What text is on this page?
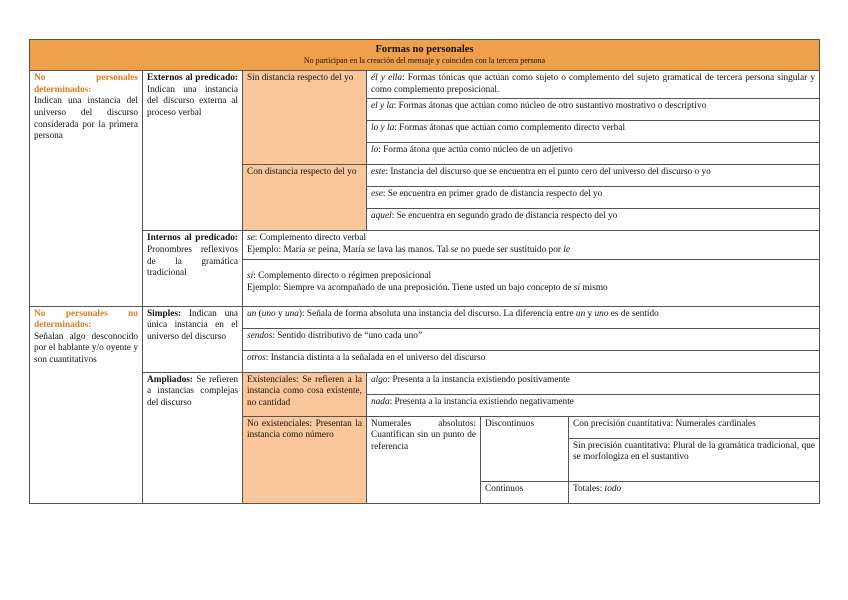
Formas no personales
No participan en la creación del mensaje y coinciden con la tercera persona					

No personales determinados:
Indican una instancia del universo del discurso considerada por la primera persona	Externos al predicado: Indican una instancia del discurso externa al proceso verbal	Sin distancia respecto del yo	él y ella: Formas tónicas que actúan como sujeto o complemento del sujeto gramatical de tercera persona singular y como complemento preposicional.		
			el y la: Formas átonas que actúan como núcleo de otro sustantivo mostrativo o descriptivo		
			lo y la: Formas átonas que actúan como complemento directo verbal		
			lo: Forma átona que actúa como núcleo de un adjetivo		
		Con distancia respecto del yo	este: Instancia del discurso que se encuentra en el punto cero del universo del discurso o yo		
			ese: Se encuentra en primer grado de distancia respecto del yo		
			aquel: Se encuentra en segundo grado de distancia respecto del yo		
	Internos al predicado: Pronombres reflexivos de la gramática tradicional	se: Complemento directo verbal
Ejemplo: María se peina, María se lava las manos. Tal se no puede ser sustituido por le			
		sí: Complemento directo o régimen preposicional
Ejemplo: Siempre va acompañado de una preposición. Tiene usted un bajo concepto de sí mismo			

No personales no determinados:
Señalan algo desconocido por el hablante y/o oyente y son cuantitativos	Simples: Indican una única instancia en el universo del discurso	un (uno y una): Señala de forma absoluta una instancia del discurso. La diferencia entre un y uno es de sentido			
		sendos: Sentido distributivo de “uno cada uno”			
		otros: Instancia distinta a la señalada en el universo del discurso			
	Ampliados: Se refieren a instancias complejas del discurso	Existenciales: Se refieren a la instancia como cosa existente, no cantidad	algo: Presenta a la instancia existiendo positivamente		
			nada: Presenta a la instancia existiendo negativamente		
		No existenciales: Presentan la instancia como número	Numerales absolutos: Cuantifican sin un punto de referencia	Discontinuos	Con precisión cuantitativa: Numerales cardinales
					Sin precisión cuantitativa: Plural de la gramática tradicional, que se morfologiza en el sustantivo

				Continuos	Totales: todo
